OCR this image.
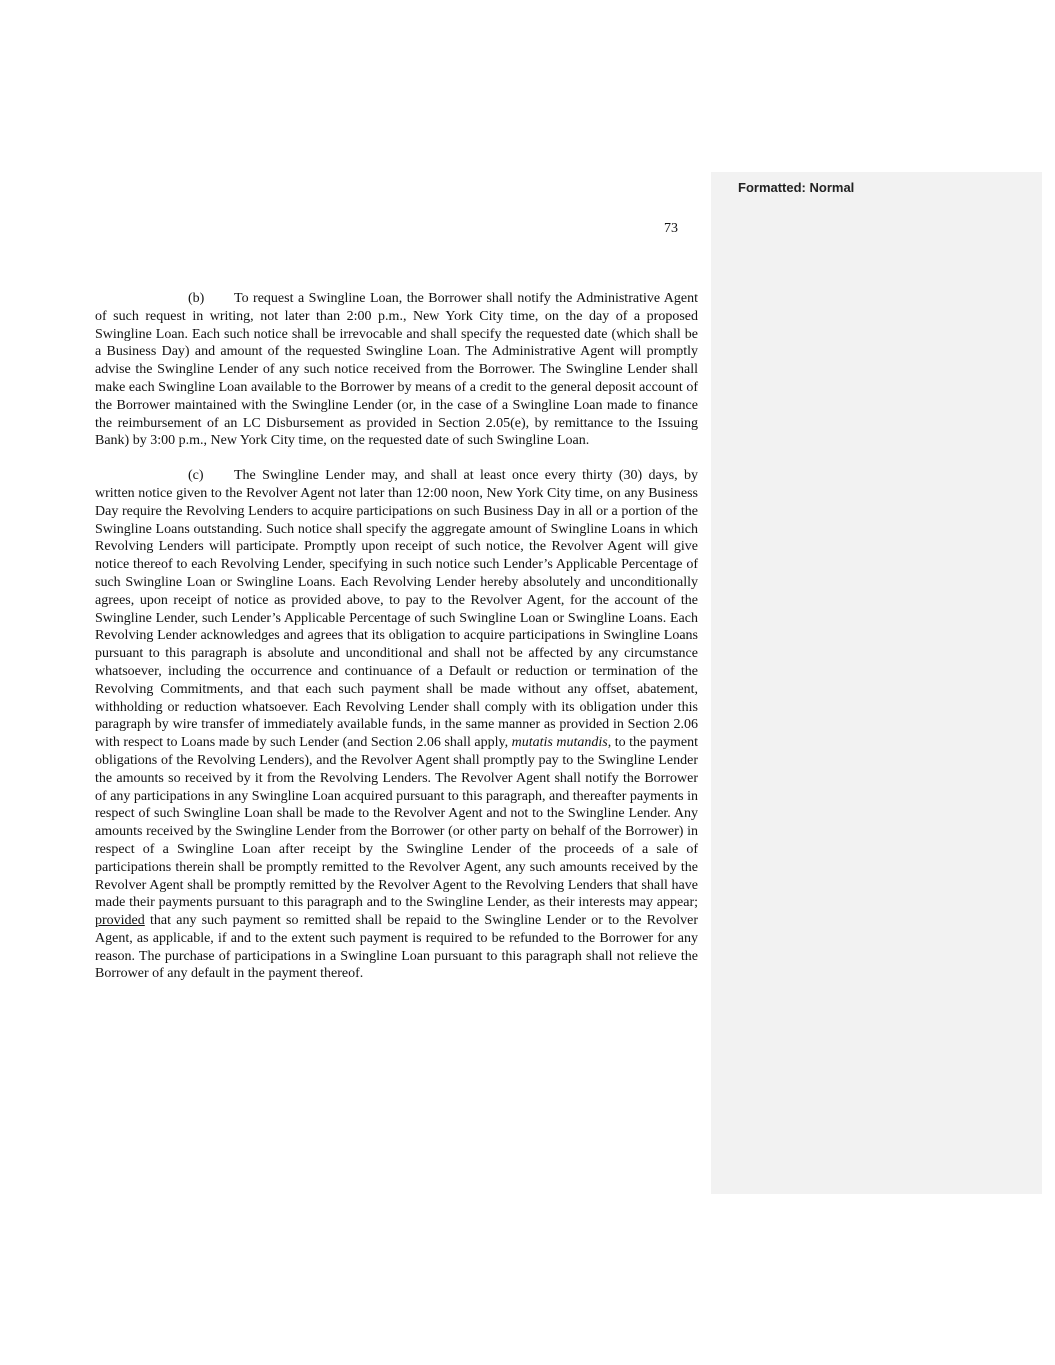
Formatted: Normal
73

(b) To request a Swingline Loan, the Borrower shall notify the Administrative Agent of such request in writing, not later than 2:00 p.m., New York City time, on the day of a proposed Swingline Loan. Each such notice shall be irrevocable and shall specify the requested date (which shall be a Business Day) and amount of the requested Swingline Loan. The Administrative Agent will promptly advise the Swingline Lender of any such notice received from the Borrower. The Swingline Lender shall make each Swingline Loan available to the Borrower by means of a credit to the general deposit account of the Borrower maintained with the Swingline Lender (or, in the case of a Swingline Loan made to finance the reimbursement of an LC Disbursement as provided in Section 2.05(e), by remittance to the Issuing Bank) by 3:00 p.m., New York City time, on the requested date of such Swingline Loan.

(c) The Swingline Lender may, and shall at least once every thirty (30) days, by written notice given to the Revolver Agent not later than 12:00 noon, New York City time, on any Business Day require the Revolving Lenders to acquire participations on such Business Day in all or a portion of the Swingline Loans outstanding. Such notice shall specify the aggregate amount of Swingline Loans in which Revolving Lenders will participate. Promptly upon receipt of such notice, the Revolver Agent will give notice thereof to each Revolving Lender, specifying in such notice such Lender’s Applicable Percentage of such Swingline Loan or Swingline Loans. Each Revolving Lender hereby absolutely and unconditionally agrees, upon receipt of notice as provided above, to pay to the Revolver Agent, for the account of the Swingline Lender, such Lender’s Applicable Percentage of such Swingline Loan or Swingline Loans. Each Revolving Lender acknowledges and agrees that its obligation to acquire participations in Swingline Loans pursuant to this paragraph is absolute and unconditional and shall not be affected by any circumstance whatsoever, including the occurrence and continuance of a Default or reduction or termination of the Revolving Commitments, and that each such payment shall be made without any offset, abatement, withholding or reduction whatsoever. Each Revolving Lender shall comply with its obligation under this paragraph by wire transfer of immediately available funds, in the same manner as provided in Section 2.06 with respect to Loans made by such Lender (and Section 2.06 shall apply, mutatis mutandis, to the payment obligations of the Revolving Lenders), and the Revolver Agent shall promptly pay to the Swingline Lender the amounts so received by it from the Revolving Lenders. The Revolver Agent shall notify the Borrower of any participations in any Swingline Loan acquired pursuant to this paragraph, and thereafter payments in respect of such Swingline Loan shall be made to the Revolver Agent and not to the Swingline Lender. Any amounts received by the Swingline Lender from the Borrower (or other party on behalf of the Borrower) in respect of a Swingline Loan after receipt by the Swingline Lender of the proceeds of a sale of participations therein shall be promptly remitted to the Revolver Agent, any such amounts received by the Revolver Agent shall be promptly remitted by the Revolver Agent to the Revolving Lenders that shall have made their payments pursuant to this paragraph and to the Swingline Lender, as their interests may appear; provided that any such payment so remitted shall be repaid to the Swingline Lender or to the Revolver Agent, as applicable, if and to the extent such payment is required to be refunded to the Borrower for any reason. The purchase of participations in a Swingline Loan pursuant to this paragraph shall not relieve the Borrower of any default in the payment thereof.
